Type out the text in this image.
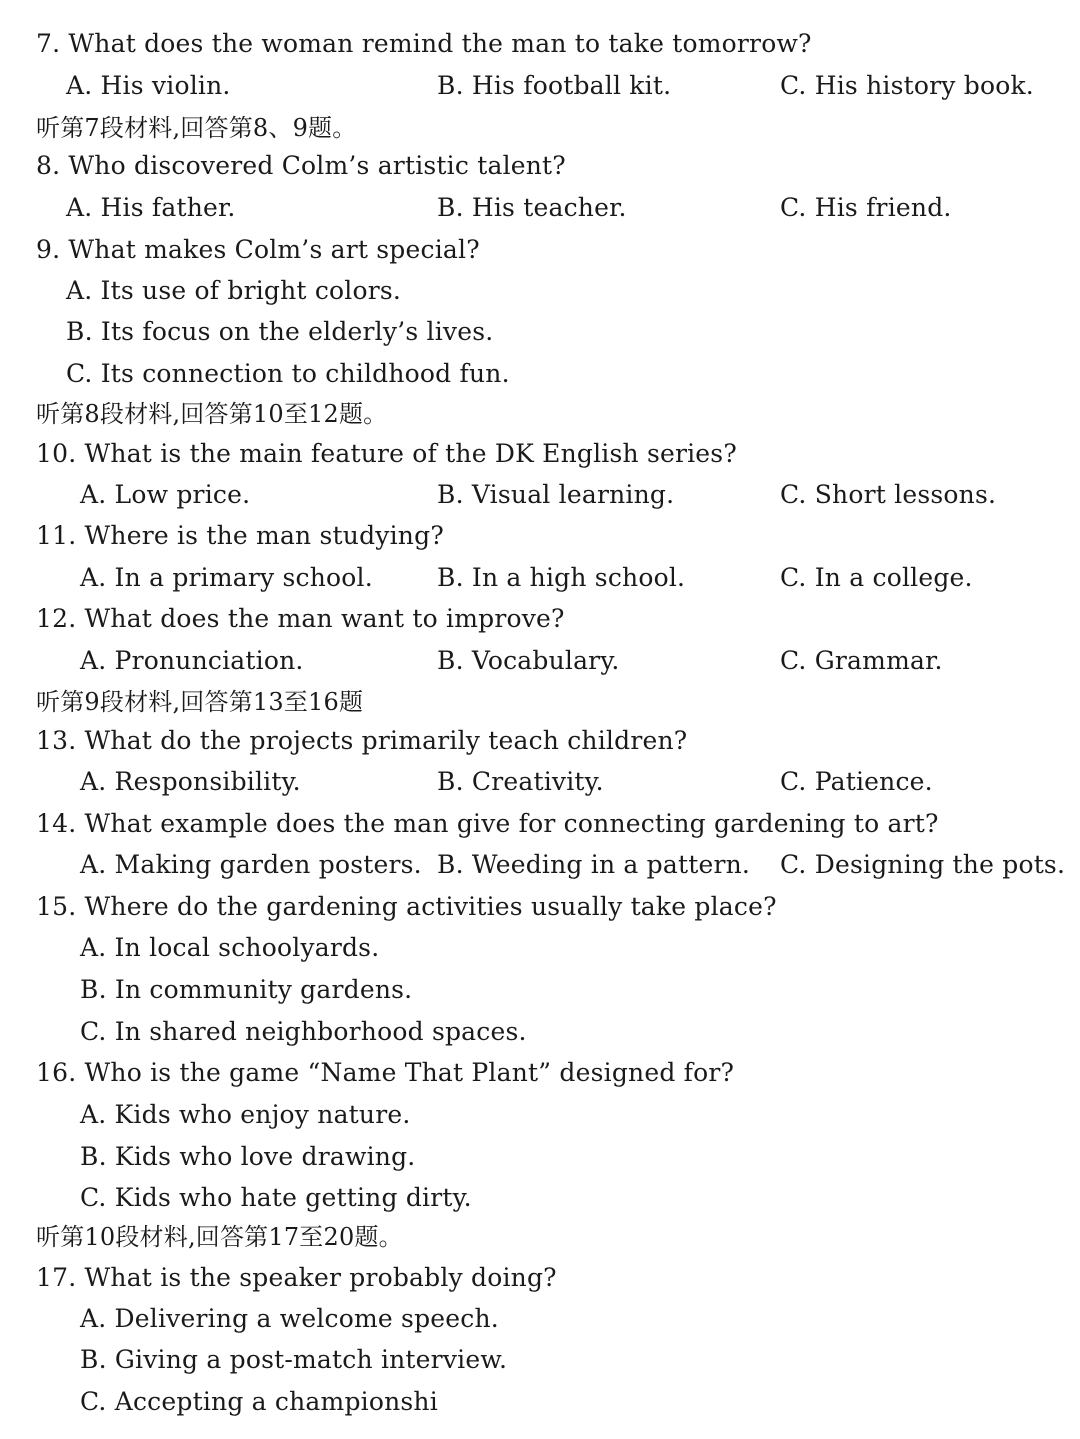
7. What does the woman remind the man to take tomorrow?
A. His violin.	B. His football kit.	C. His history book.
听第7段材料,回答第8、9题。
8. Who discovered Colm’s artistic talent?
A. His father.	B. His teacher.	C. His friend.
9. What makes Colm’s art special?
A. Its use of bright colors.
B. Its focus on the elderly’s lives.
C. Its connection to childhood fun.
听第8段材料,回答第10至12题。
10. What is the main feature of the DK English series?
A. Low price.	B. Visual learning.	C. Short lessons.
11. Where is the man studying?
A. In a primary school.	B. In a high school.	C. In a college.
12. What does the man want to improve?
A. Pronunciation.	B. Vocabulary.	C. Grammar.
听第9段材料,回答第13至16题
13. What do the projects primarily teach children?
A. Responsibility.	B. Creativity.	C. Patience.
14. What example does the man give for connecting gardening to art?
A. Making garden posters. B. Weeding in a pattern. C. Designing the pots.
15. Where do the gardening activities usually take place?
A. In local schoolyards.
B. In community gardens.
C. In shared neighborhood spaces.
16. Who is the game “Name That Plant” designed for?
A. Kids who enjoy nature.
B. Kids who love drawing.
C. Kids who hate getting dirty.
听第10段材料,回答第17至20题。
17. What is the speaker probably doing?
A. Delivering a welcome speech.
B. Giving a post-match interview.
C. Accepting a championshi
